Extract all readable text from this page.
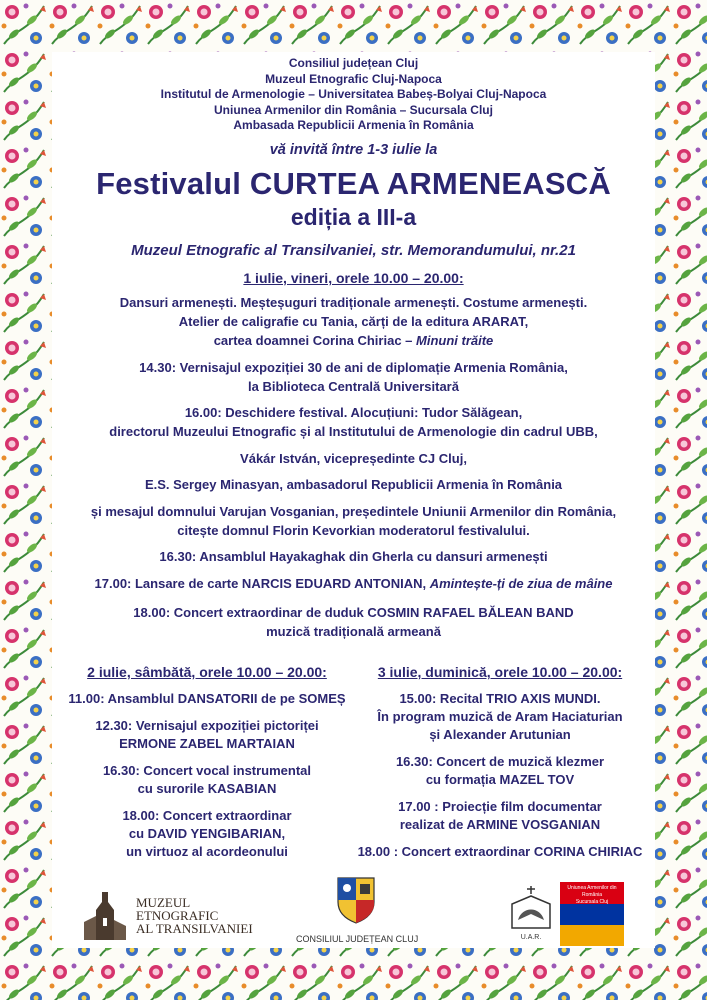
Consiliul județean Cluj
Muzeul Etnografic Cluj-Napoca
Institutul de Armenologie – Universitatea Babeș-Bolyai Cluj-Napoca
Uniunea Armenilor din România – Sucursala Cluj
Ambasada Republicii Armenia în România
vă invită între 1-3 iulie la
Festivalul CURTEA ARMENEASCĂ
ediția a III-a
Muzeul Etnografic al Transilvaniei, str. Memorandumului, nr.21
1 iulie, vineri, orele 10.00 – 20.00:
Dansuri armenești. Meșteșuguri tradiționale armenești. Costume armenești.
Atelier de caligrafie cu Tania, cărți de la editura ARARAT,
cartea doamnei Corina Chiriac – Minuni trăite
14.30: Vernisajul expoziției 30 de ani de diplomație Armenia România,
la Biblioteca Centrală Universitară
16.00: Deschidere festival. Alocuțiuni: Tudor Sălăgean,
directorul Muzeului Etnografic și al Institutului de Armenologie din cadrul UBB,
Vákár István, vicepreședinte CJ Cluj,
E.S. Sergey Minasyan, ambasadorul Republicii Armenia în România
și mesajul domnului Varujan Vosganian, președintele Uniunii Armenilor din România,
citește domnul Florin Kevorkian moderatorul festivalului.
16.30: Ansamblul Hayakaghak din Gherla cu dansuri armenești
17.00: Lansare de carte NARCIS EDUARD ANTONIAN, Amintește-ți de ziua de mâine
18.00: Concert extraordinar de duduk COSMIN RAFAEL BĂLEAN BAND
muzică tradițională armeană
2 iulie, sâmbătă, orele 10.00 – 20.00:
11.00: Ansamblul DANSATORII de pe SOMEȘ
12.30: Vernisajul expoziției pictoriței
ERMONE ZABEL MARTAIAN
16.30: Concert vocal instrumental
cu surorile KASABIAN
18.00: Concert extraordinar
cu DAVID YENGIBARIAN,
un virtuoz al acordeonului
3 iulie, duminică, orele 10.00 – 20.00:
15.00: Recital TRIO AXIS MUNDI.
În program muzică de Aram Haciaturian
și Alexander Arutunian
16.30: Concert de muzică klezmer
cu formația MAZEL TOV
17.00 : Proiecție film documentar
realizat de ARMINE VOSGANIAN
18.00 : Concert extraordinar CORINA CHIRIAC
MUZEUL
ETNOGRAFIC
AL TRANSILVANIEI
CONSILIUL JUDEȚEAN CLUJ	U.A.R.
Uniunea Armenilor din România
Sucursala Cluj
